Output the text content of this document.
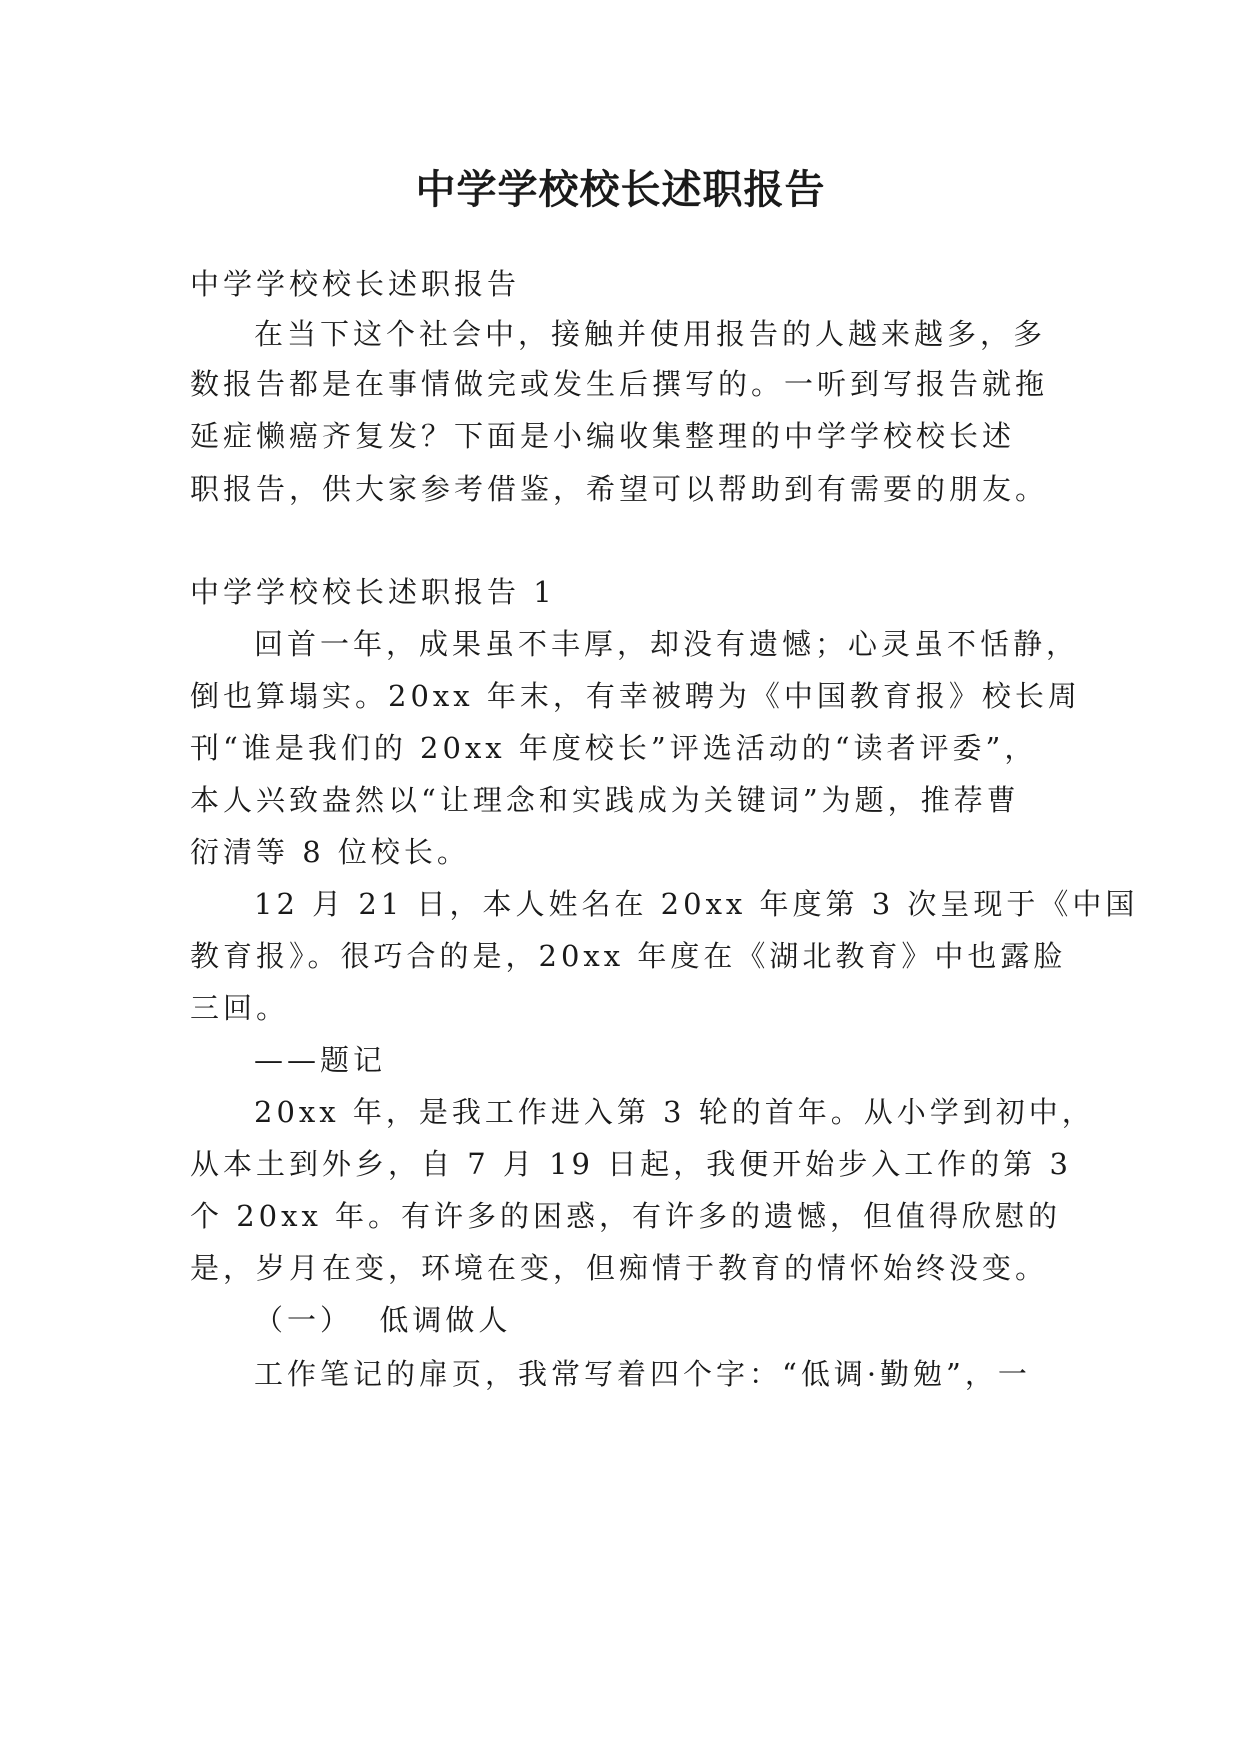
中学学校校长述职报告
中学学校校长述职报告
在当下这个社会中，接触并使用报告的人越来越多，多
数报告都是在事情做完或发生后撰写的。一听到写报告就拖
延症懒癌齐复发？下面是小编收集整理的中学学校校长述
职报告，供大家参考借鉴，希望可以帮助到有需要的朋友。
中学学校校长述职报告 1
回首一年，成果虽不丰厚，却没有遗憾；心灵虽不恬静，
倒也算塌实。20xx 年末，有幸被聘为《中国教育报》校长周
刊“谁是我们的 20xx 年度校长”评选活动的“读者评委”，
本人兴致盎然以“让理念和实践成为关键词”为题，推荐曹
衍清等 8 位校长。
12 月 21 日，本人姓名在 20xx 年度第 3 次呈现于《中国
教育报》。很巧合的是，20xx 年度在《湖北教育》中也露脸
三回。
——题记
20xx 年，是我工作进入第 3 轮的首年。从小学到初中，
从本土到外乡，自 7 月 19 日起，我便开始步入工作的第 3
个 20xx 年。有许多的困惑，有许多的遗憾，但值得欣慰的
是，岁月在变，环境在变，但痴情于教育的情怀始终没变。
（一）  低调做人
工作笔记的扉页，我常写着四个字：“低调·勤勉”，一
